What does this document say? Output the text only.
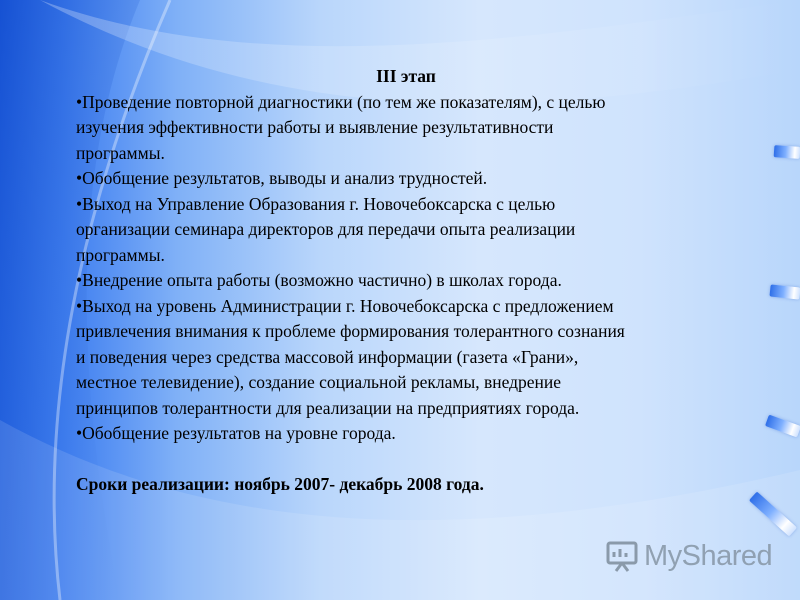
III этап
•Проведение повторной диагностики (по тем же показателям), с целью
изучения эффективности работы и выявление результативности
программы.
•Обобщение результатов, выводы и анализ трудностей.
•Выход на Управление Образования г. Новочебоксарска с целью
организации семинара директоров для передачи опыта реализации
программы.
•Внедрение опыта работы (возможно частично) в школах города.
•Выход на уровень Администрации г. Новочебоксарска с предложением
привлечения внимания к проблеме формирования толерантного сознания
и поведения через средства массовой информации (газета «Грани»,
местное телевидение), создание социальной рекламы, внедрение
принципов толерантности для реализации на предприятиях города.
•Обобщение результатов на уровне города.
Сроки реализации: ноябрь 2007- декабрь 2008 года.
MyShared
